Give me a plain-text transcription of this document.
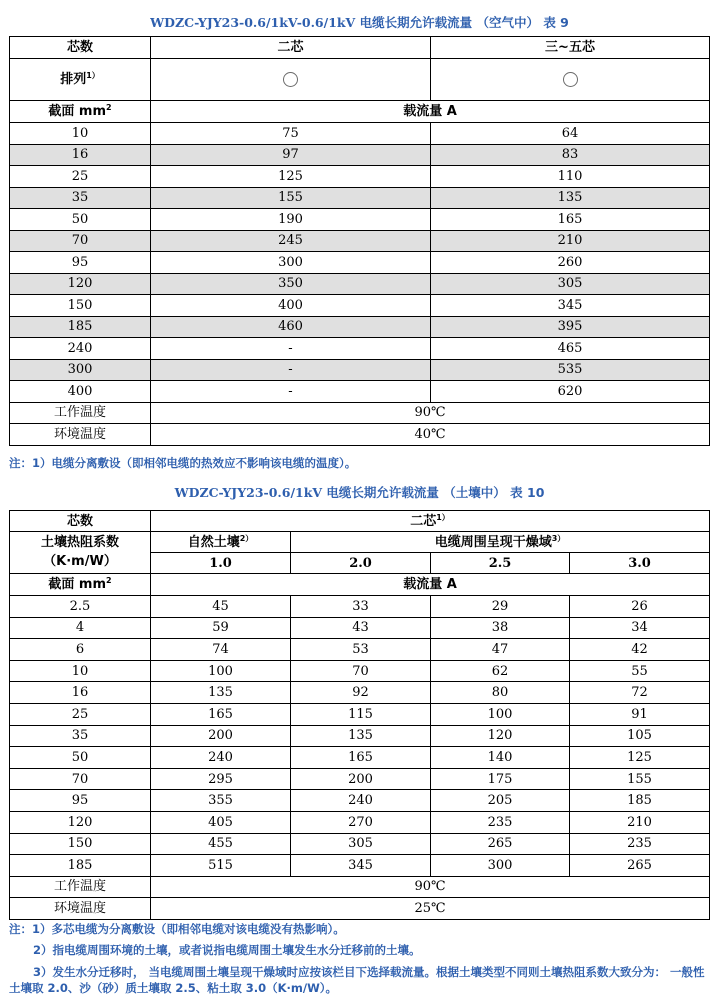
WDZC-YJY23-0.6/1kV-0.6/1kV 电缆长期允许载流量 （空气中） 表 9
芯数	二芯	三~五芯
排列$^{1)}$		
截面 $mm^2$	载流量 A	
10	75	64
16	97	83
25	125	110
35	155	135
50	190	165
70	245	210
95	300	260
120	350	305
150	400	345
185	460	395
240	-	465
300	-	535
400	-	620
工作温度	90℃	
环境温度	40℃	
注：1）电缆分离敷设（即相邻电缆的热效应不影响该电缆的温度）。
WDZC-YJY23-0.6/1kV 电缆长期允许载流量 （土壤中） 表 10
芯数	二芯$^{1)}$
土壤热阻系数
（K·m/W）	自然土壤$^{2)}$	电缆周围呈现干燥域$^{3)}$
	1.0	2.0	2.5	3.0
截面 $mm^2$	载流量 A			
2.5	45	33	29	26
4	59	43	38	34
6	74	53	47	42
10	100	70	62	55
16	135	92	80	72
25	165	115	100	91
35	200	135	120	105
50	240	165	140	125
70	295	200	175	155
95	355	240	205	185
120	405	270	235	210
150	455	305	265	235
185	515	345	300	265
工作温度	90℃			
环境温度	25℃			
注：1）多芯电缆为分离敷设（即相邻电缆对该电缆没有热影响）。
2）指电缆周围环境的土壤，或者说指电缆周围土壤发生水分迁移前的土壤。
3）发生水分迁移时， 当电缆周围土壤呈现干燥域时应按该栏目下选择载流量。根据土壤类型不同则土壤热阻系数大致分为： 一般性土壤取 2.0、沙（砂）质土壤取 2.5、粘土取 3.0（K·m/W）。
